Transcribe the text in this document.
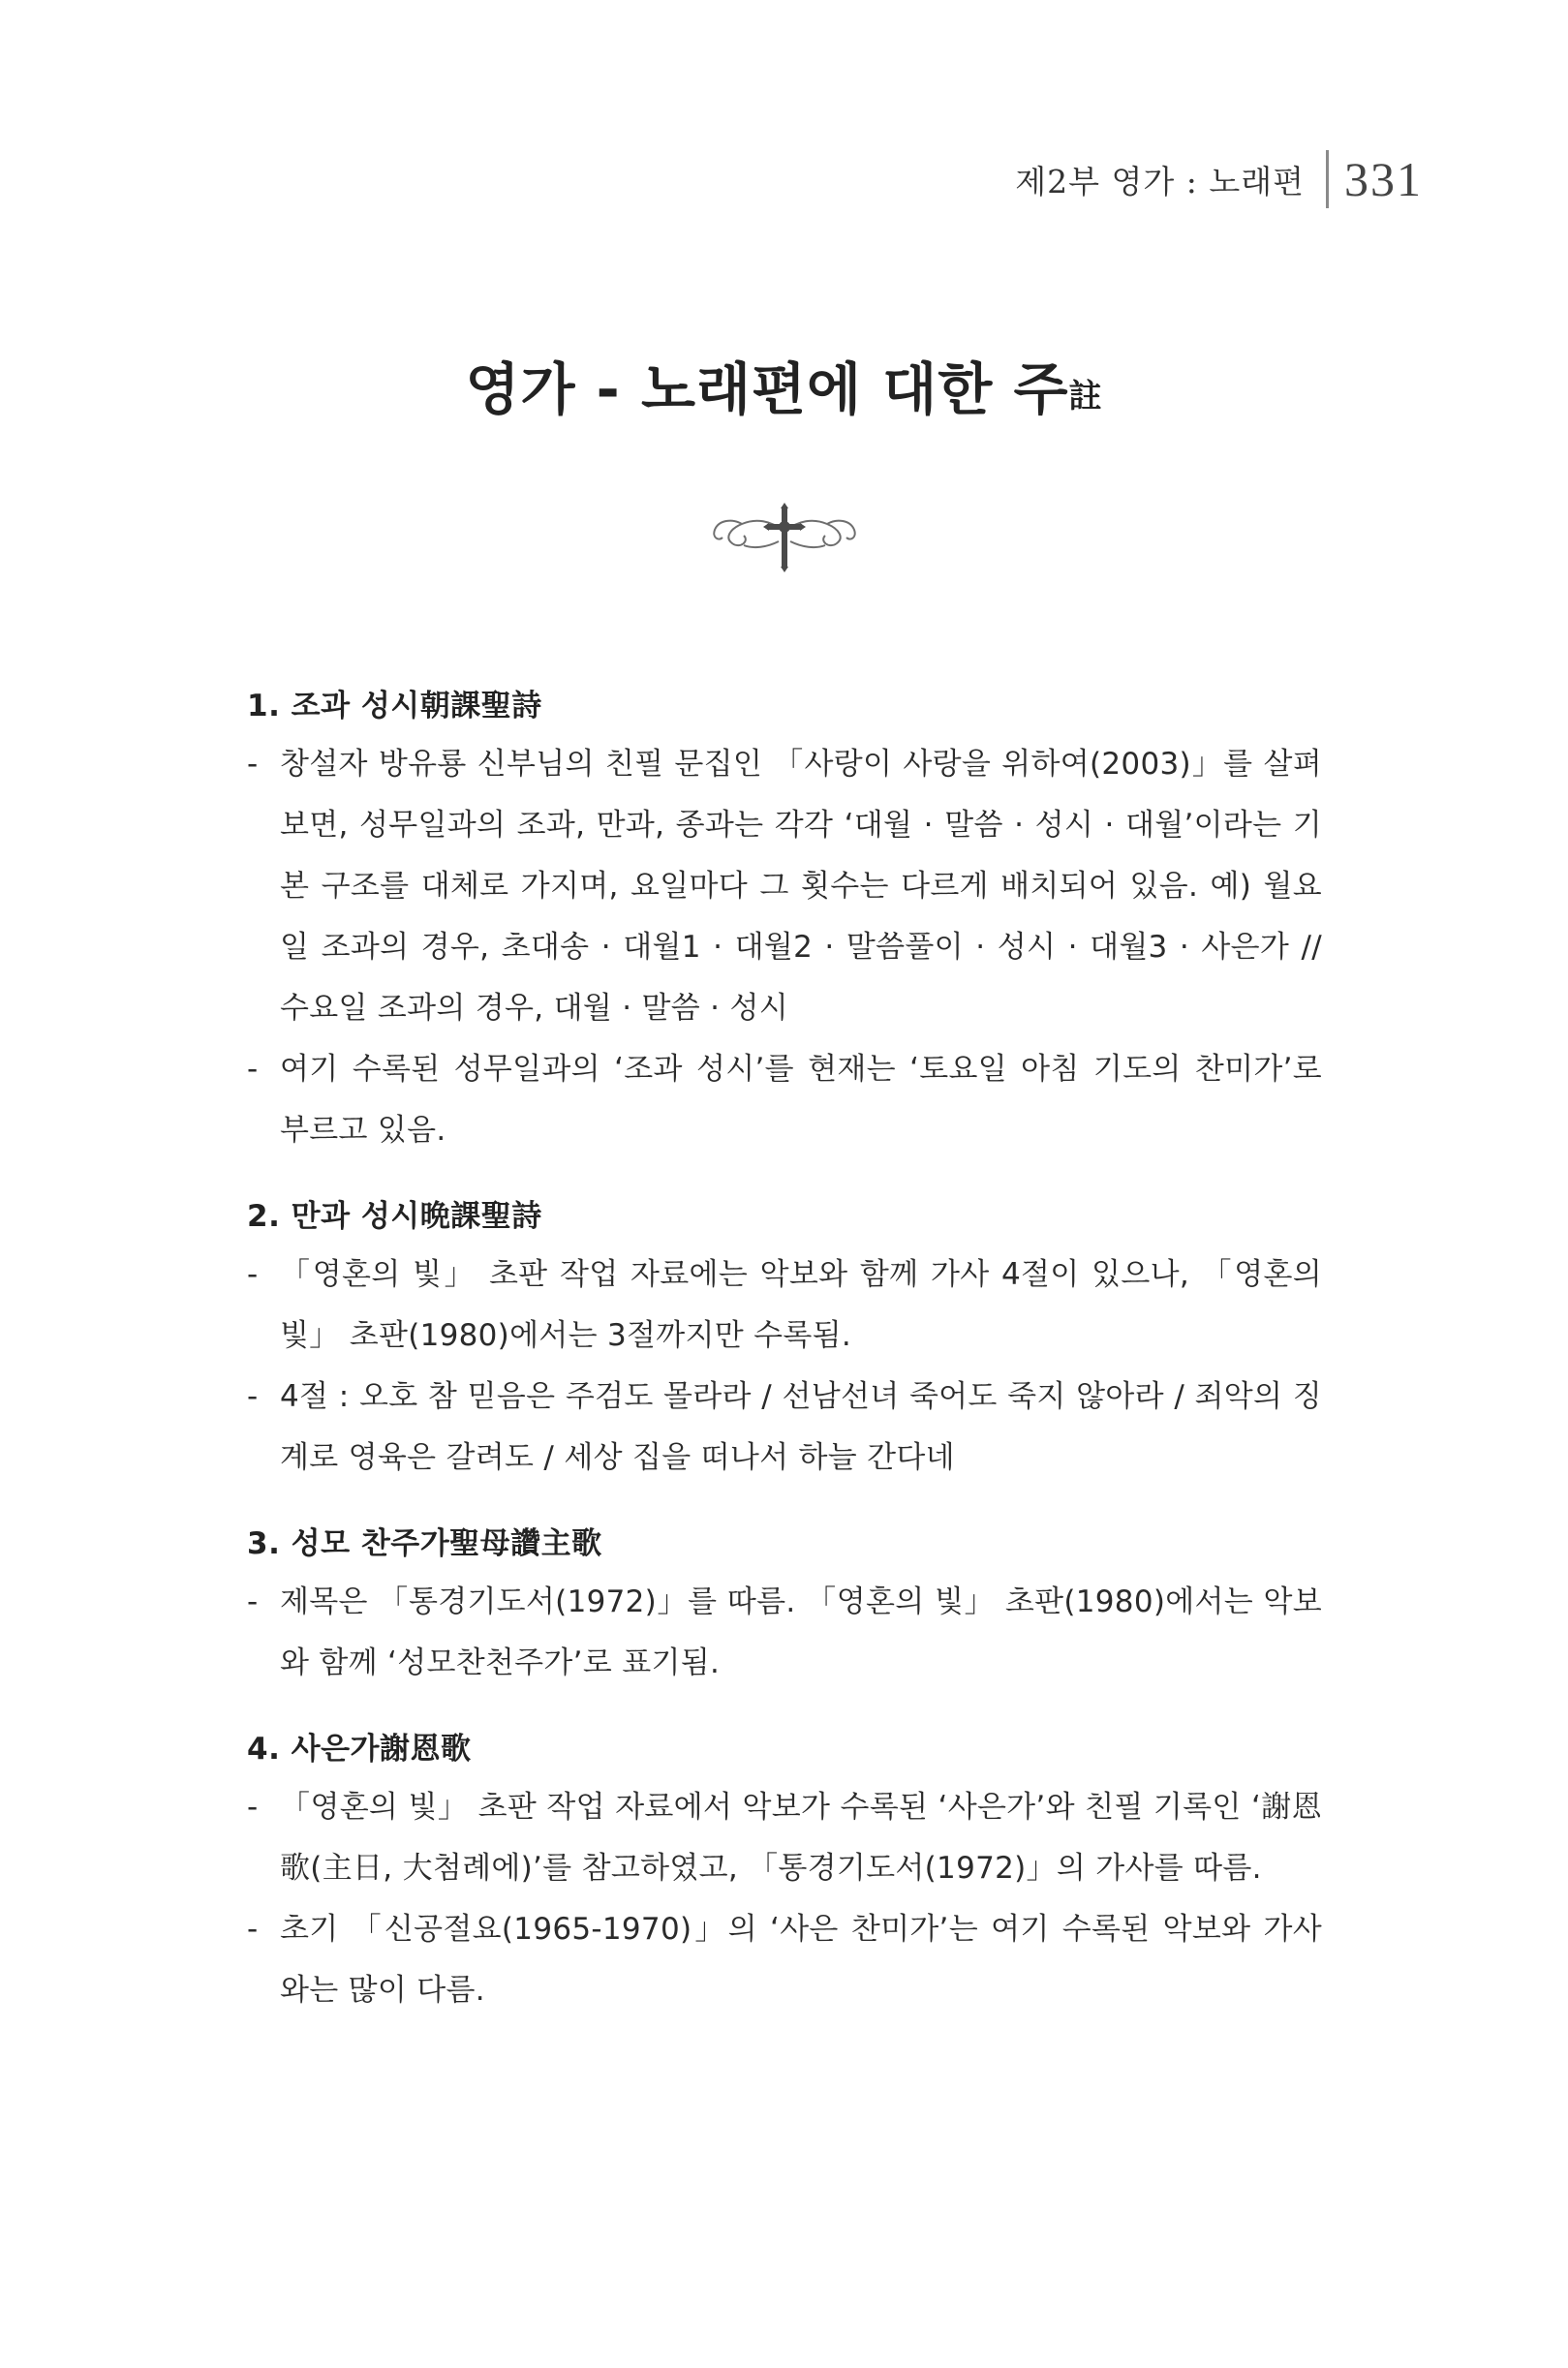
제2부 영가 : 노래편 331
영가 - 노래편에 대한 주註
1. 조과 성시朝課聖詩
- 창설자 방유룡 신부님의 친필 문집인 「사랑이 사랑을 위하여(2003)」를 살펴보면, 성무일과의 조과, 만과, 종과는 각각 ‘대월 · 말씀 · 성시 · 대월’이라는 기본 구조를 대체로 가지며, 요일마다 그 횟수는 다르게 배치되어 있음. 예) 월요일 조과의 경우, 초대송 · 대월1 · 대월2 · 말씀풀이 · 성시 · 대월3 · 사은가 // 수요일 조과의 경우, 대월 · 말씀 · 성시
- 여기 수록된 성무일과의 ‘조과 성시’를 현재는 ‘토요일 아침 기도의 찬미가’로 부르고 있음.
2. 만과 성시晩課聖詩
- 「영혼의 빛」 초판 작업 자료에는 악보와 함께 가사 4절이 있으나, 「영혼의 빛」 초판(1980)에서는 3절까지만 수록됨.
- 4절 : 오호 참 믿음은 주검도 몰라라 / 선남선녀 죽어도 죽지 않아라 / 죄악의 징계로 영육은 갈려도 / 세상 집을 떠나서 하늘 간다네
3. 성모 찬주가聖母讚主歌
- 제목은 「통경기도서(1972)」를 따름. 「영혼의 빛」 초판(1980)에서는 악보와 함께 ‘성모찬천주가’로 표기됨.
4. 사은가謝恩歌
- 「영혼의 빛」 초판 작업 자료에서 악보가 수록된 ‘사은가’와 친필 기록인 ‘謝恩歌(主日, 大첨례에)’를 참고하였고, 「통경기도서(1972)」의 가사를 따름.
- 초기 「신공절요(1965-1970)」의 ‘사은 찬미가’는 여기 수록된 악보와 가사와는 많이 다름.
